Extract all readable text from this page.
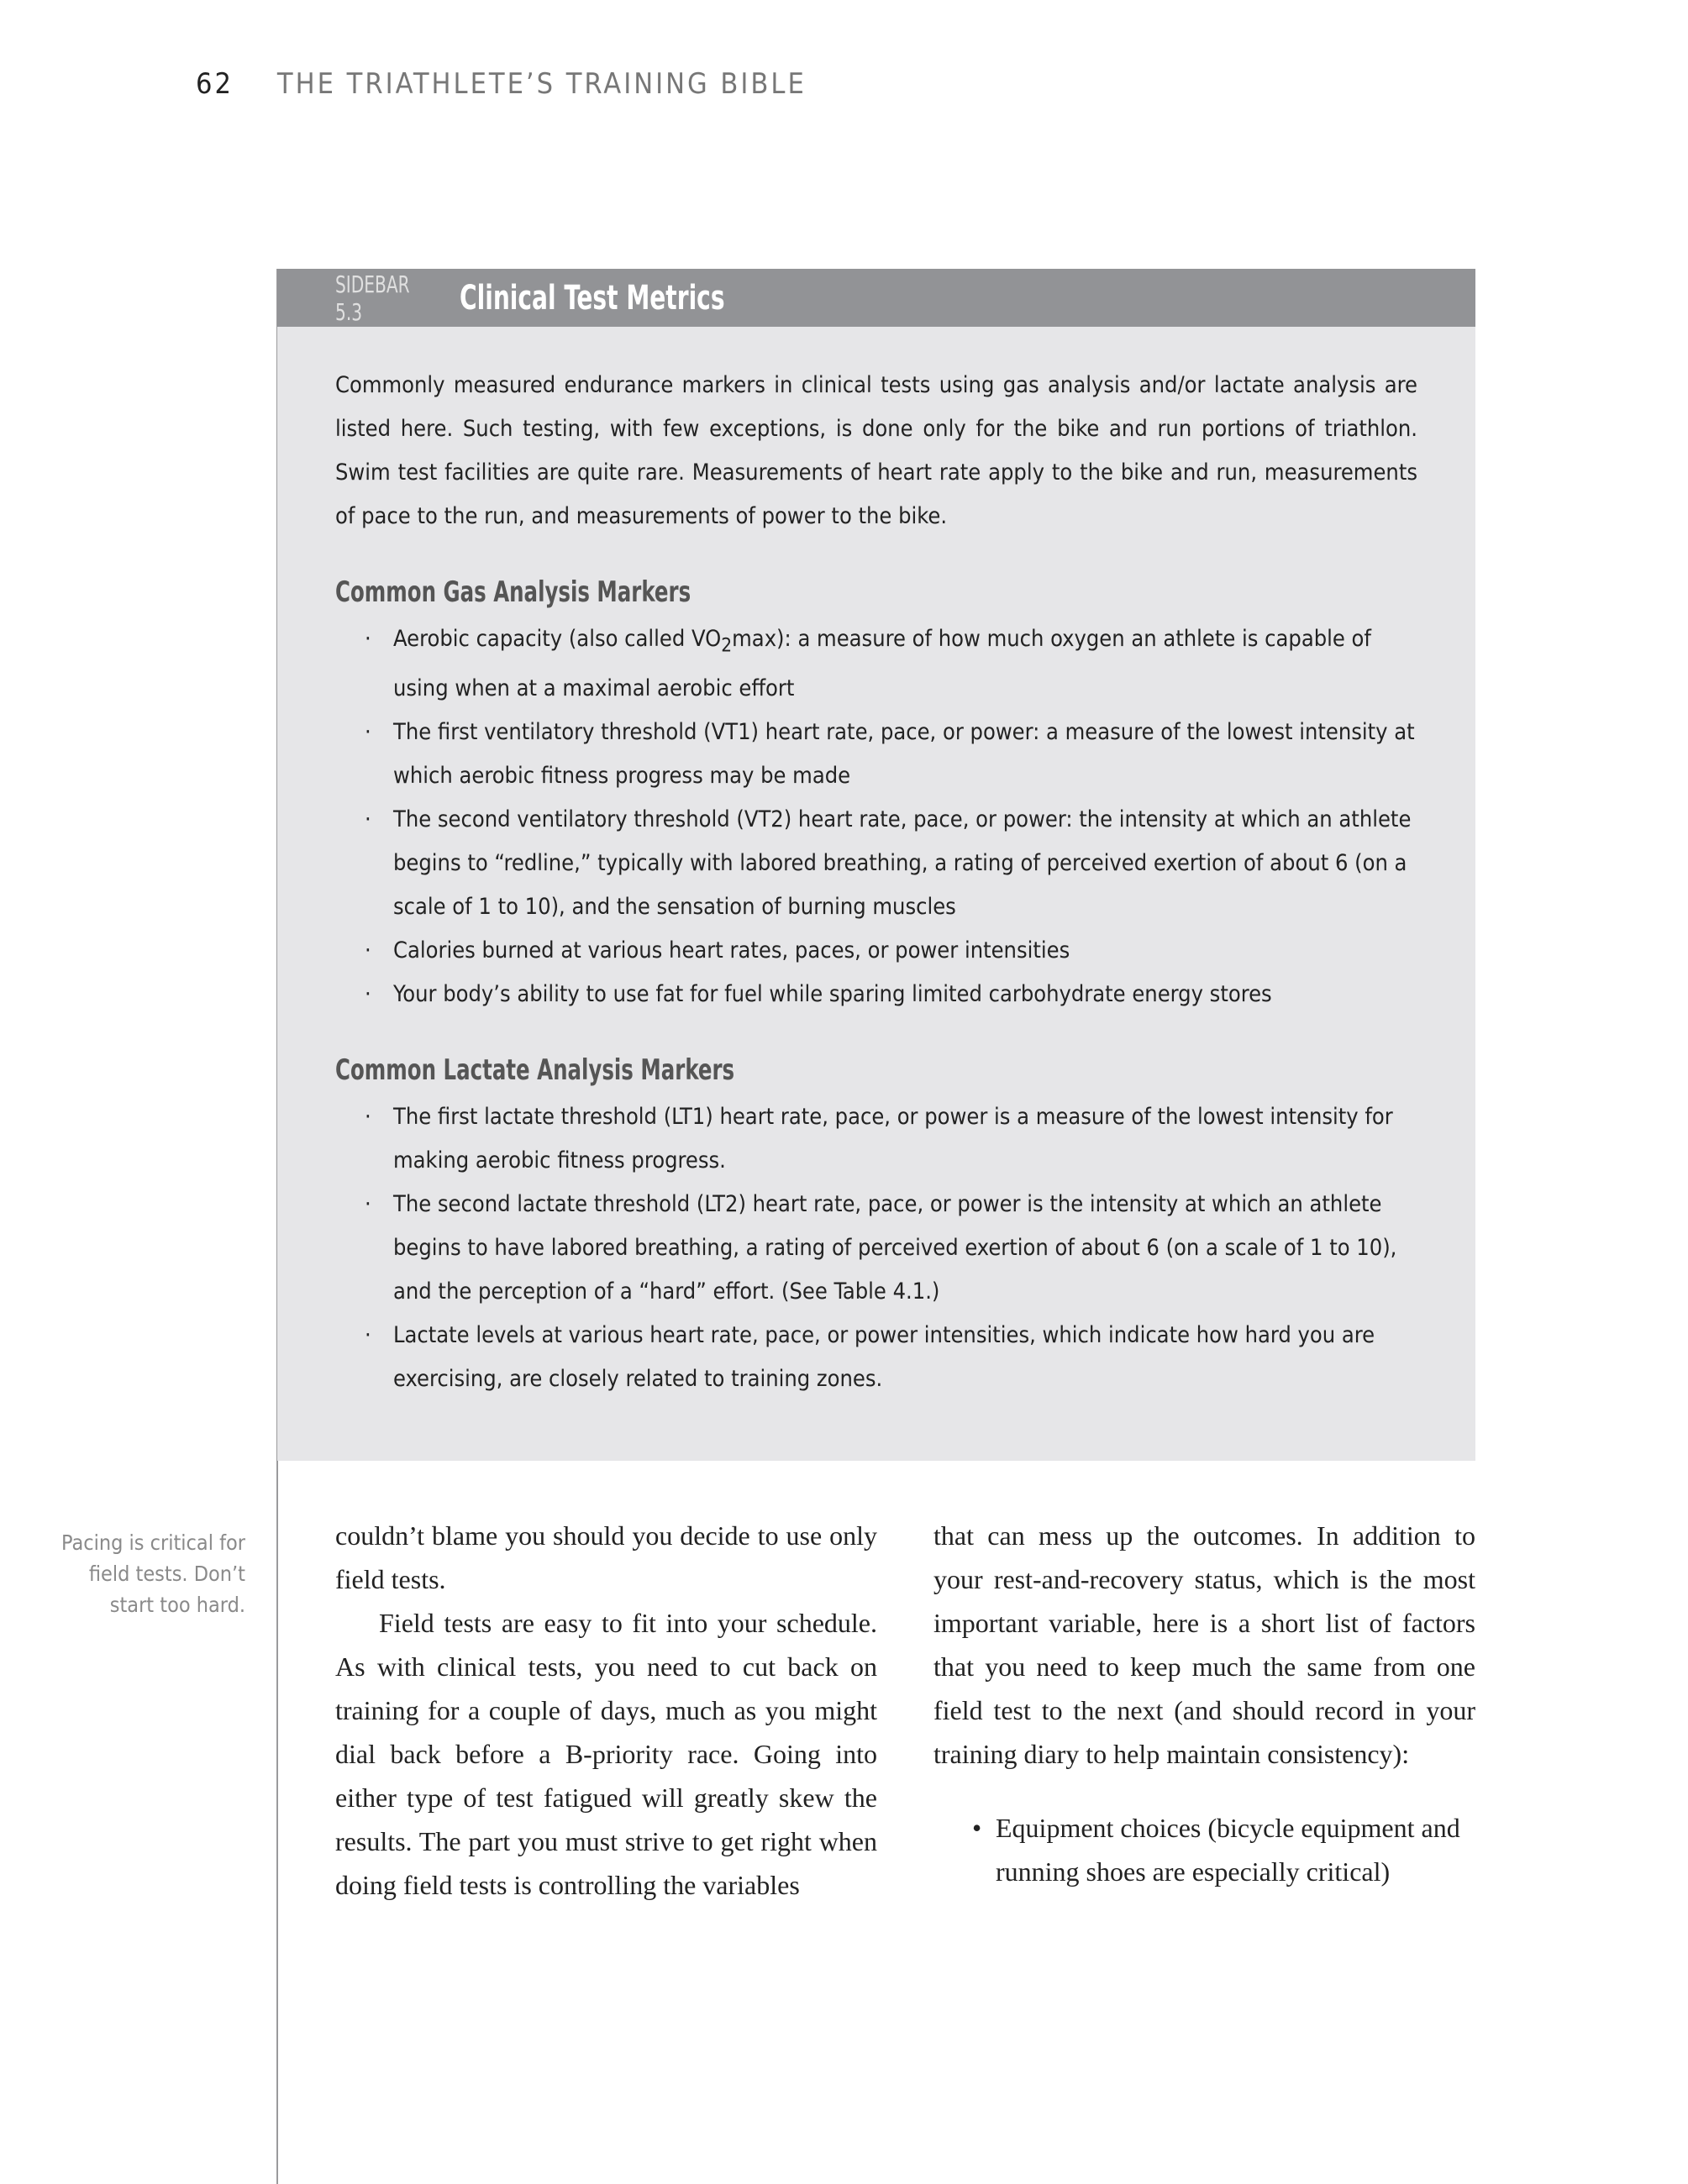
62 THE TRIATHLETE’S TRAINING BIBLE
SIDEBAR 5.3	Clinical Test Metrics

Commonly measured endurance markers in clinical tests using gas analysis and/or lactate analysis are listed here. Such testing, with few exceptions, is done only for the bike and run portions of triathlon. Swim test facilities are quite rare. Measurements of heart rate apply to the bike and run, measurements of pace to the run, and measurements of power to the bike.

Common Gas Analysis Markers
· Aerobic capacity (also called $VO_2\max$): a measure of how much oxygen an athlete is capable of using when at a maximal aerobic effort
· The first ventilatory threshold (VT1) heart rate, pace, or power: a measure of the lowest intensity at which aerobic fitness progress may be made
· The second ventilatory threshold (VT2) heart rate, pace, or power: the intensity at which an athlete begins to “redline,” typically with labored breathing, a rating of perceived exertion of about 6 (on a scale of 1 to 10), and the sensation of burning muscles
· Calories burned at various heart rates, paces, or power intensities
· Your body’s ability to use fat for fuel while sparing limited carbohydrate energy stores
Common Lactate Analysis Markers
· The first lactate threshold (LT1) heart rate, pace, or power is a measure of the lowest intensity for making aerobic fitness progress.
· The second lactate threshold (LT2) heart rate, pace, or power is the intensity at which an athlete begins to have labored breathing, a rating of perceived exertion of about 6 (on a scale of 1 to 10), and the perception of a “hard” effort. (See Table 4.1.)
· Lactate levels at various heart rate, pace, or power intensities, which indicate how hard you are exercising, are closely related to training zones.
Pacing is critical for field tests. Don’t start too hard.

couldn’t blame you should you decide to use only field tests.

Field tests are easy to fit into your schedule. As with clinical tests, you need to cut back on training for a couple of days, much as you might dial back before a B-priority race. Going into either type of test fatigued will greatly skew the results. The part you must strive to get right when doing field tests is controlling the variables

that can mess up the outcomes. In addition to your rest-and-recovery status, which is the most important variable, here is a short list of factors that you need to keep much the same from one field test to the next (and should record in your training diary to help maintain consistency):

• Equipment choices (bicycle equipment and running shoes are especially critical)
